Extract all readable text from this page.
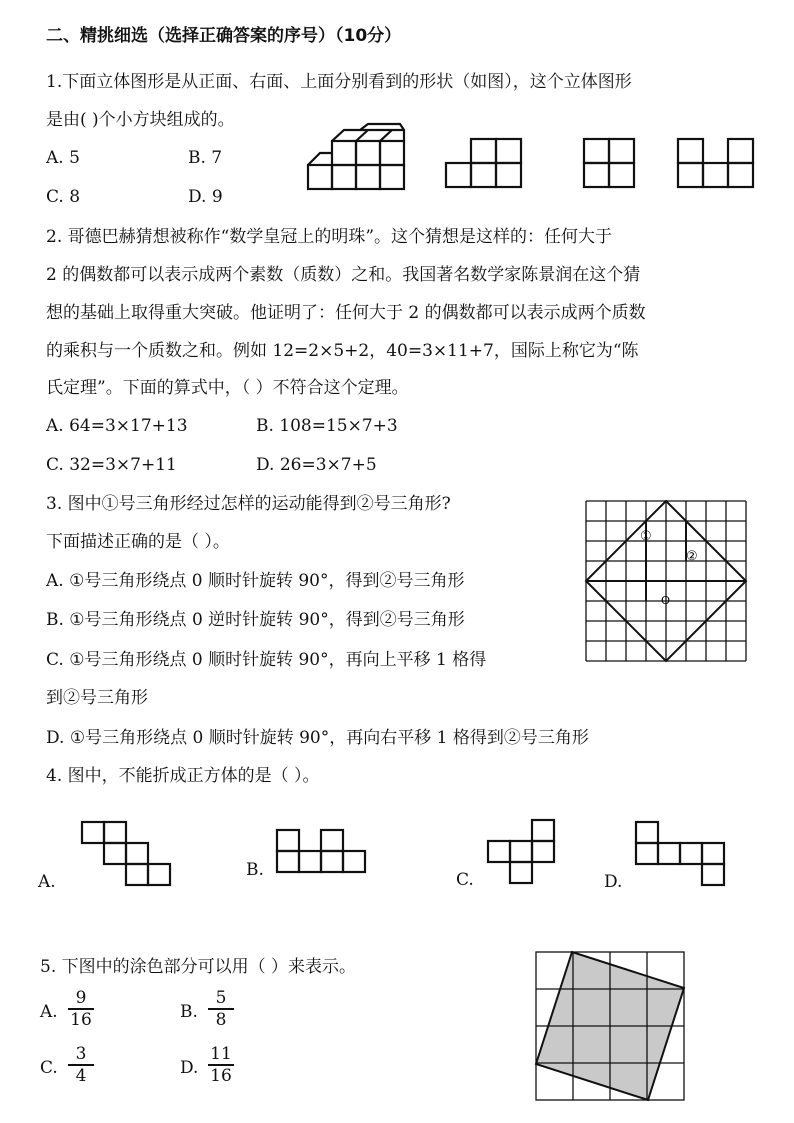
二、精挑细选（选择正确答案的序号）（10分）
1.下面立体图形是从正面、右面、上面分别看到的形状（如图），这个立体图形
是由( )个小方块组成的。
A. 5	B. 7
C. 8	D. 9
2. 哥德巴赫猜想被称作“数学皇冠上的明珠”。这个猜想是这样的：任何大于
2 的偶数都可以表示成两个素数（质数）之和。我国著名数学家陈景润在这个猜
想的基础上取得重大突破。他证明了：任何大于 2 的偶数都可以表示成两个质数
的乘积与一个质数之和。例如 12=2×5+2，40=3×11+7，国际上称它为“陈
氏定理”。下面的算式中，（ ）不符合这个定理。
A. 64=3×17+13	B. 108=15×7+3
C. 32=3×7+11	D. 26=3×7+5
3. 图中①号三角形经过怎样的运动能得到②号三角形?
下面描述正确的是（ ）。
A. ①号三角形绕点 0 顺时针旋转 90°，得到②号三角形
B. ①号三角形绕点 0 逆时针旋转 90°，得到②号三角形
C. ①号三角形绕点 0 顺时针旋转 90°，再向上平移 1 格得
到②号三角形
D. ①号三角形绕点 0 顺时针旋转 90°，再向右平移 1 格得到②号三角形
①
②
O
4. 图中，不能折成正方体的是（ ）。
A.
B.	C.	D.
5. 下图中的涂色部分可以用（ ）来表示。
A. $\frac{9}{16}$	B. $\frac{5}{8}$
C. $\frac{3}{4}$	D. $\frac{11}{16}$
